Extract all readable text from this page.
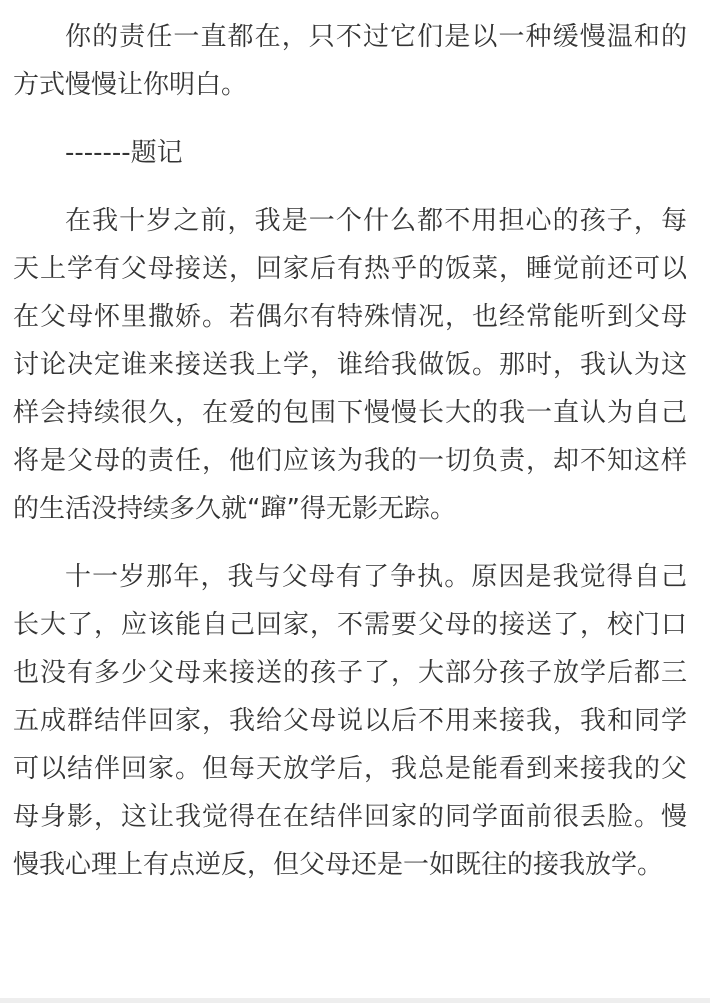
你的责任一直都在，只不过它们是以一种缓慢温和的方式慢慢让你明白。

-------题记

在我十岁之前，我是一个什么都不用担心的孩子，每天上学有父母接送，回家后有热乎的饭菜，睡觉前还可以在父母怀里撒娇。若偶尔有特殊情况，也经常能听到父母讨论决定谁来接送我上学，谁给我做饭。那时，我认为这样会持续很久，在爱的包围下慢慢长大的我一直认为自己将是父母的责任，他们应该为我的一切负责，却不知这样的生活没持续多久就“蹿”得无影无踪。

十一岁那年，我与父母有了争执。原因是我觉得自己长大了，应该能自己回家，不需要父母的接送了，校门口也没有多少父母来接送的孩子了，大部分孩子放学后都三五成群结伴回家，我给父母说以后不用来接我，我和同学可以结伴回家。但每天放学后，我总是能看到来接我的父母身影，这让我觉得在在结伴回家的同学面前很丢脸。慢慢我心理上有点逆反，但父母还是一如既往的接我放学。
